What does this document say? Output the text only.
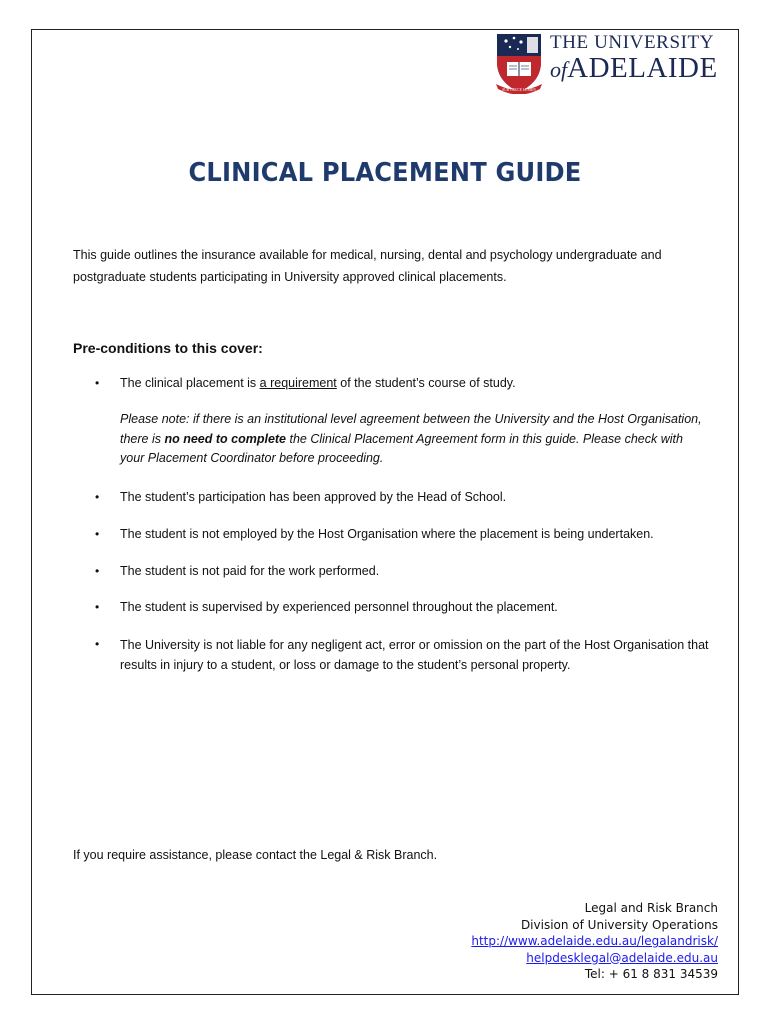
SUB CRUCE LUMEN
THE UNIVERSITY
ofADELAIDE
CLINICAL PLACEMENT GUIDE

This guide outlines the insurance available for medical, nursing, dental and psychology undergraduate and postgraduate students participating in University approved clinical placements.

Pre-conditions to this cover:
• The clinical placement is a requirement of the student’s course of study.

Please note: if there is an institutional level agreement between the University and the Host Organisation, there is no need to complete the Clinical Placement Agreement form in this guide. Please check with your Placement Coordinator before proceeding.

• The student’s participation has been approved by the Head of School.
• The student is not employed by the Host Organisation where the placement is being undertaken.
• The student is not paid for the work performed.
• The student is supervised by experienced personnel throughout the placement.
• The University is not liable for any negligent act, error or omission on the part of the Host Organisation that results in injury to a student, or loss or damage to the student’s personal property.
If you require assistance, please contact the Legal & Risk Branch.
Legal and Risk Branch
Division of University Operations
http://www.adelaide.edu.au/legalandrisk/
helpdesklegal@adelaide.edu.au
Tel: + 61 8 831 34539
